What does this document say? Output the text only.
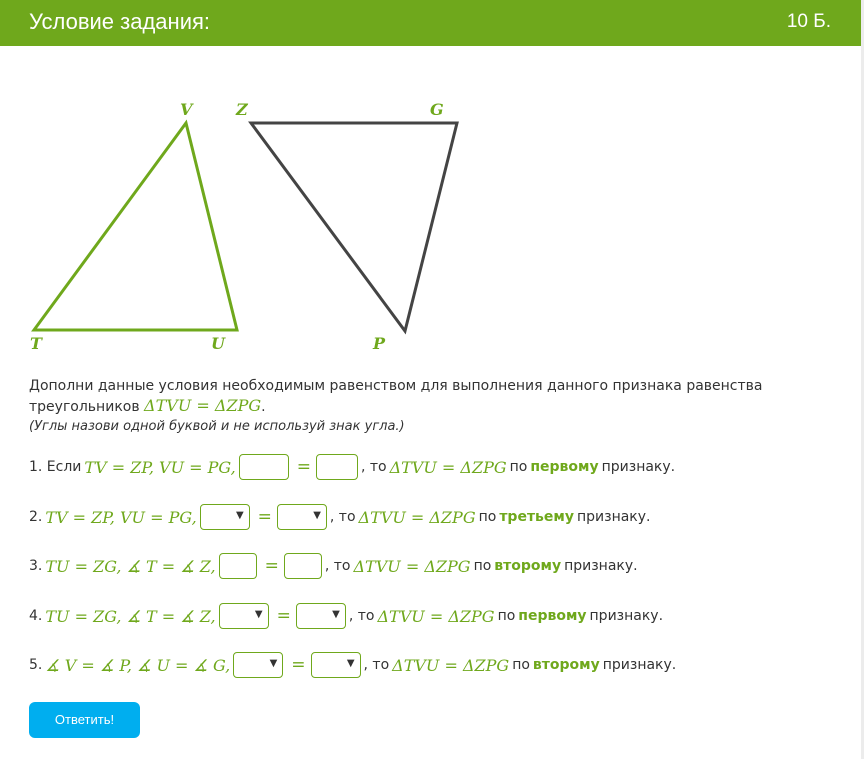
Условие задания:	10 Б.
V	Z	G
T	U	P
Дополни данные условия необходимым равенством для выполнения данного признака равенства треугольников ΔTVU = ΔZPG.
(Углы назови одной буквой и не используй знак угла.)
1. Если TV = ZP, VU = PG,	=	, то ΔTVU = ΔZPG по первому признаку.
2. TV = ZP, VU = PG,	▼ =	▼ , то ΔTVU = ΔZPG по третьему признаку.
3. TU = ZG, ∡ T = ∡ Z,	=	, то ΔTVU = ΔZPG по второму признаку.
4. TU = ZG, ∡ T = ∡ Z,	▼ =	▼ , то ΔTVU = ΔZPG по первому признаку.
5. ∡ V = ∡ P, ∡ U = ∡ G,	▼ =	▼ , то ΔTVU = ΔZPG по второму признаку.
Ответить!
